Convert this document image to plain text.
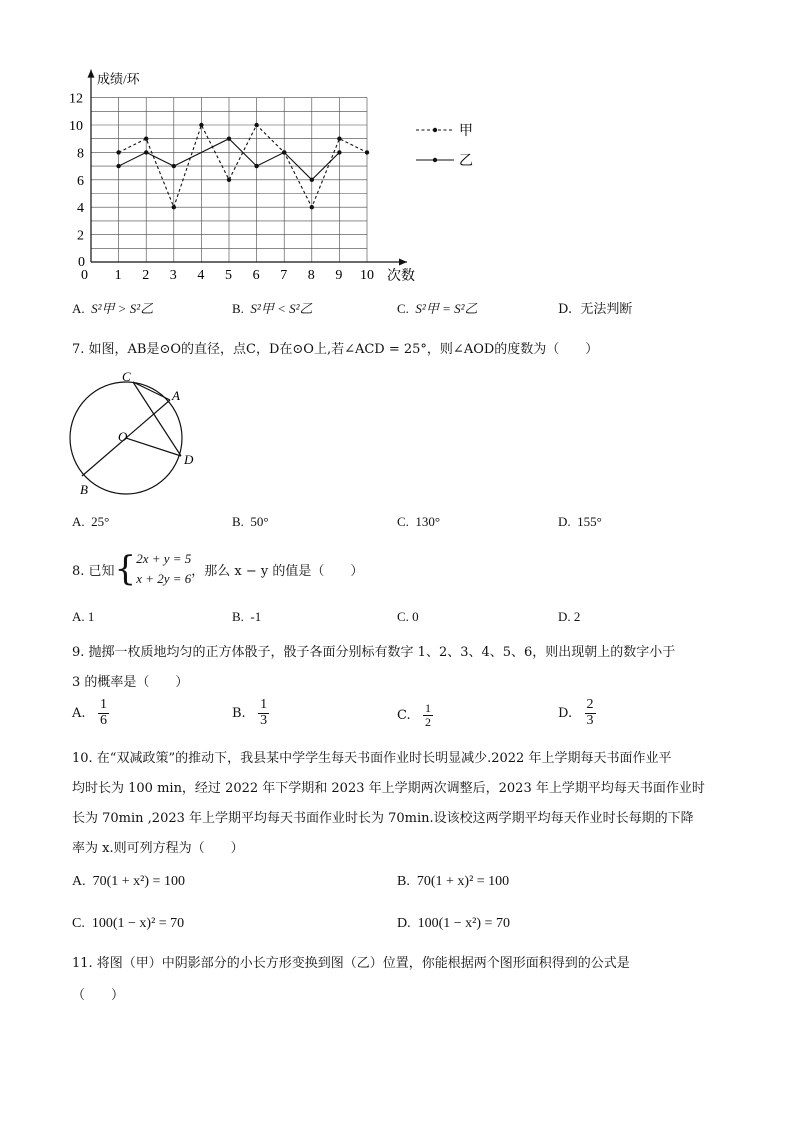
成绩/环
次数
0 1 2 3 4 5 6 7 8 9 10
2
4
6
8
10
12
0
甲
乙
A. S²甲 > S²乙	B. S²甲 < S²乙	C. S²甲 = S²乙	D. 无法判断
7. 如图，AB是⊙O的直径，点C，D在⊙O上,若∠ACD = 25°，则∠AOD的度数为（　　）
C
A
O
D
B
A. 25°	B. 50°	C. 130°	D. 155°
8. 已知 { 2x + y = 5
x + 2y = 6 ，那么 x − y 的值是（　　）
A. 1	B. -1	C. 0	D. 2
9. 抛掷一枚质地均匀的正方体骰子，骰子各面分别标有数字 1、2、3、4、5、6，则出现朝上的数字小于
3 的概率是（　　）
A.
$\frac{1}{6}$	B.
$\frac{1}{3}$	C.
$\frac{1}{2}$	D.
$\frac{2}{3}$
10. 在“双减政策”的推动下，我县某中学学生每天书面作业时长明显减少.2022 年上学期每天书面作业平
均时长为 100 min，经过 2022 年下学期和 2023 年上学期两次调整后，2023 年上学期平均每天书面作业时
长为 70min ,2023 年上学期平均每天书面作业时长为 70min.设该校这两学期平均每天作业时长每期的下降
率为 x.则可列方程为（　　）
A. 70(1 + x²) = 100	B. 70(1 + x)² = 100
C. 100(1 − x)² = 70	D. 100(1 − x²) = 70
11. 将图（甲）中阴影部分的小长方形变换到图（乙）位置，你能根据两个图形面积得到的公式是
（　　）
